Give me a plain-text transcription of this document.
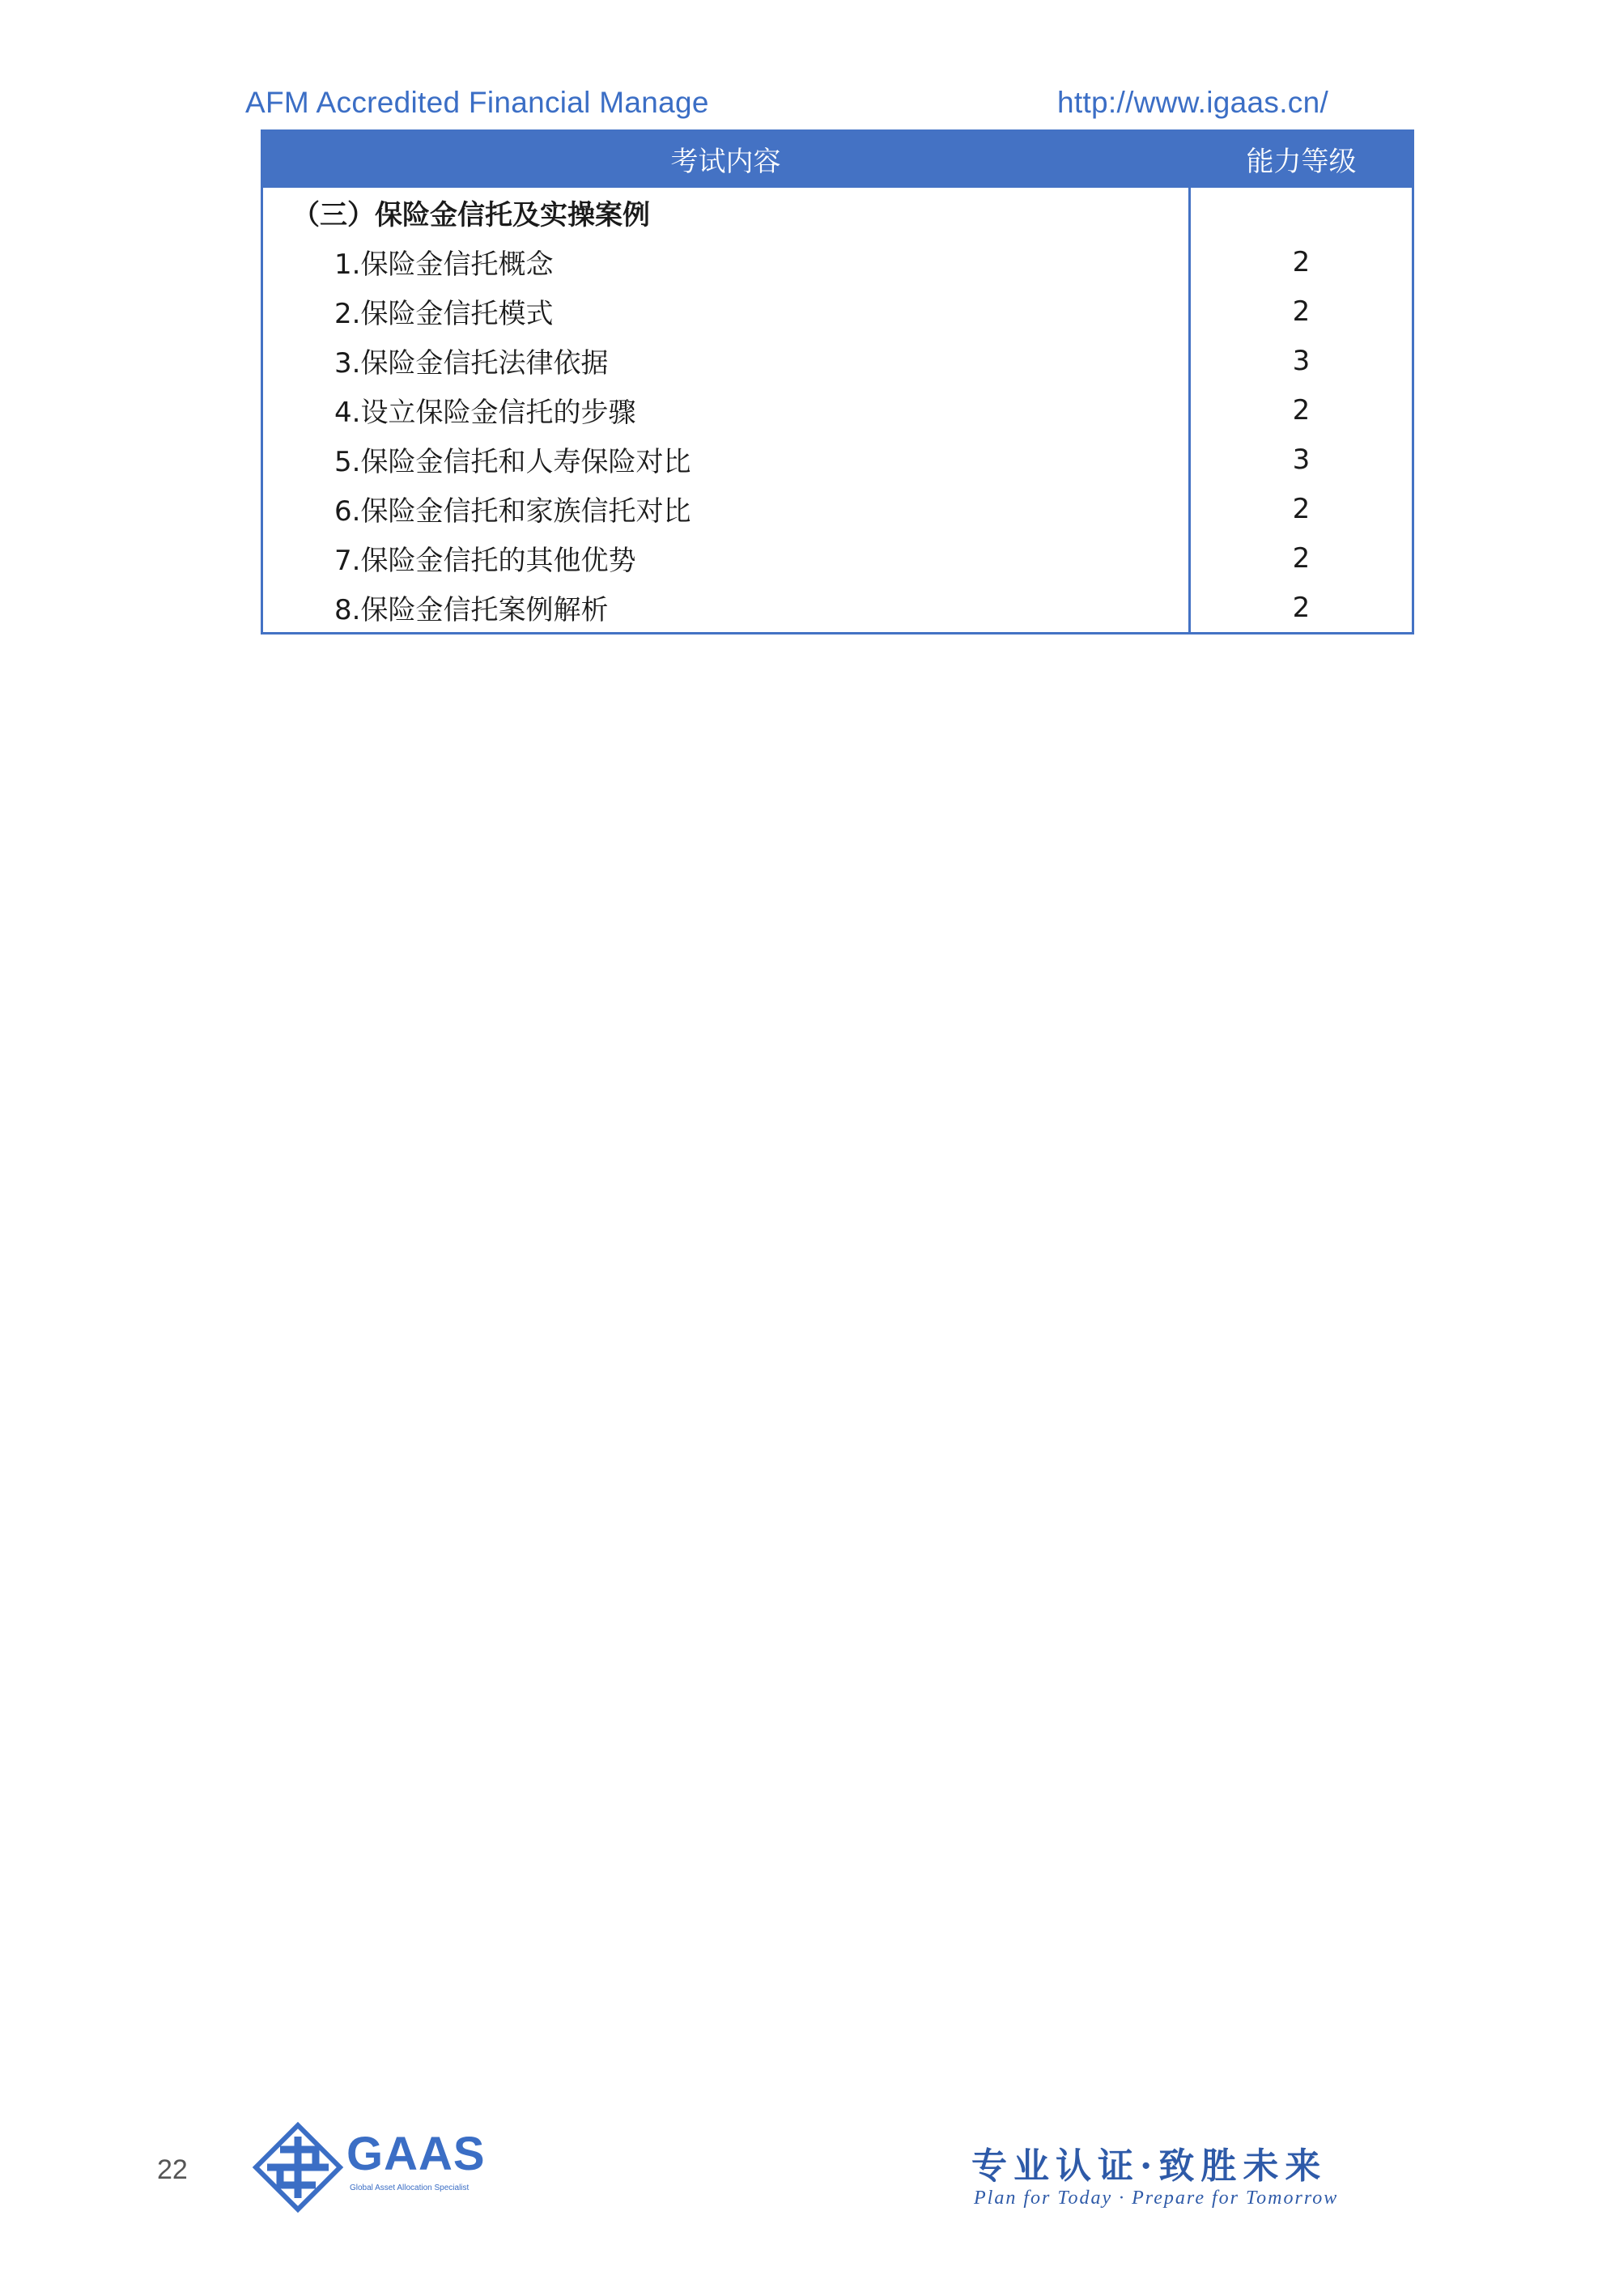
AFM Accredited Financial Manage	http://www.igaas.cn/
考试内容	能力等级
（三）保险金信托及实操案例	
1.保险金信托概念	2
2.保险金信托模式	2
3.保险金信托法律依据	3
4.设立保险金信托的步骤	2
5.保险金信托和人寿保险对比	3
6.保险金信托和家族信托对比	2
7.保险金信托的其他优势	2
8.保险金信托案例解析	2
22	GAAS
Global Asset Allocation Specialist
专业认证·致胜未来
Plan for Today · Prepare for Tomorrow
